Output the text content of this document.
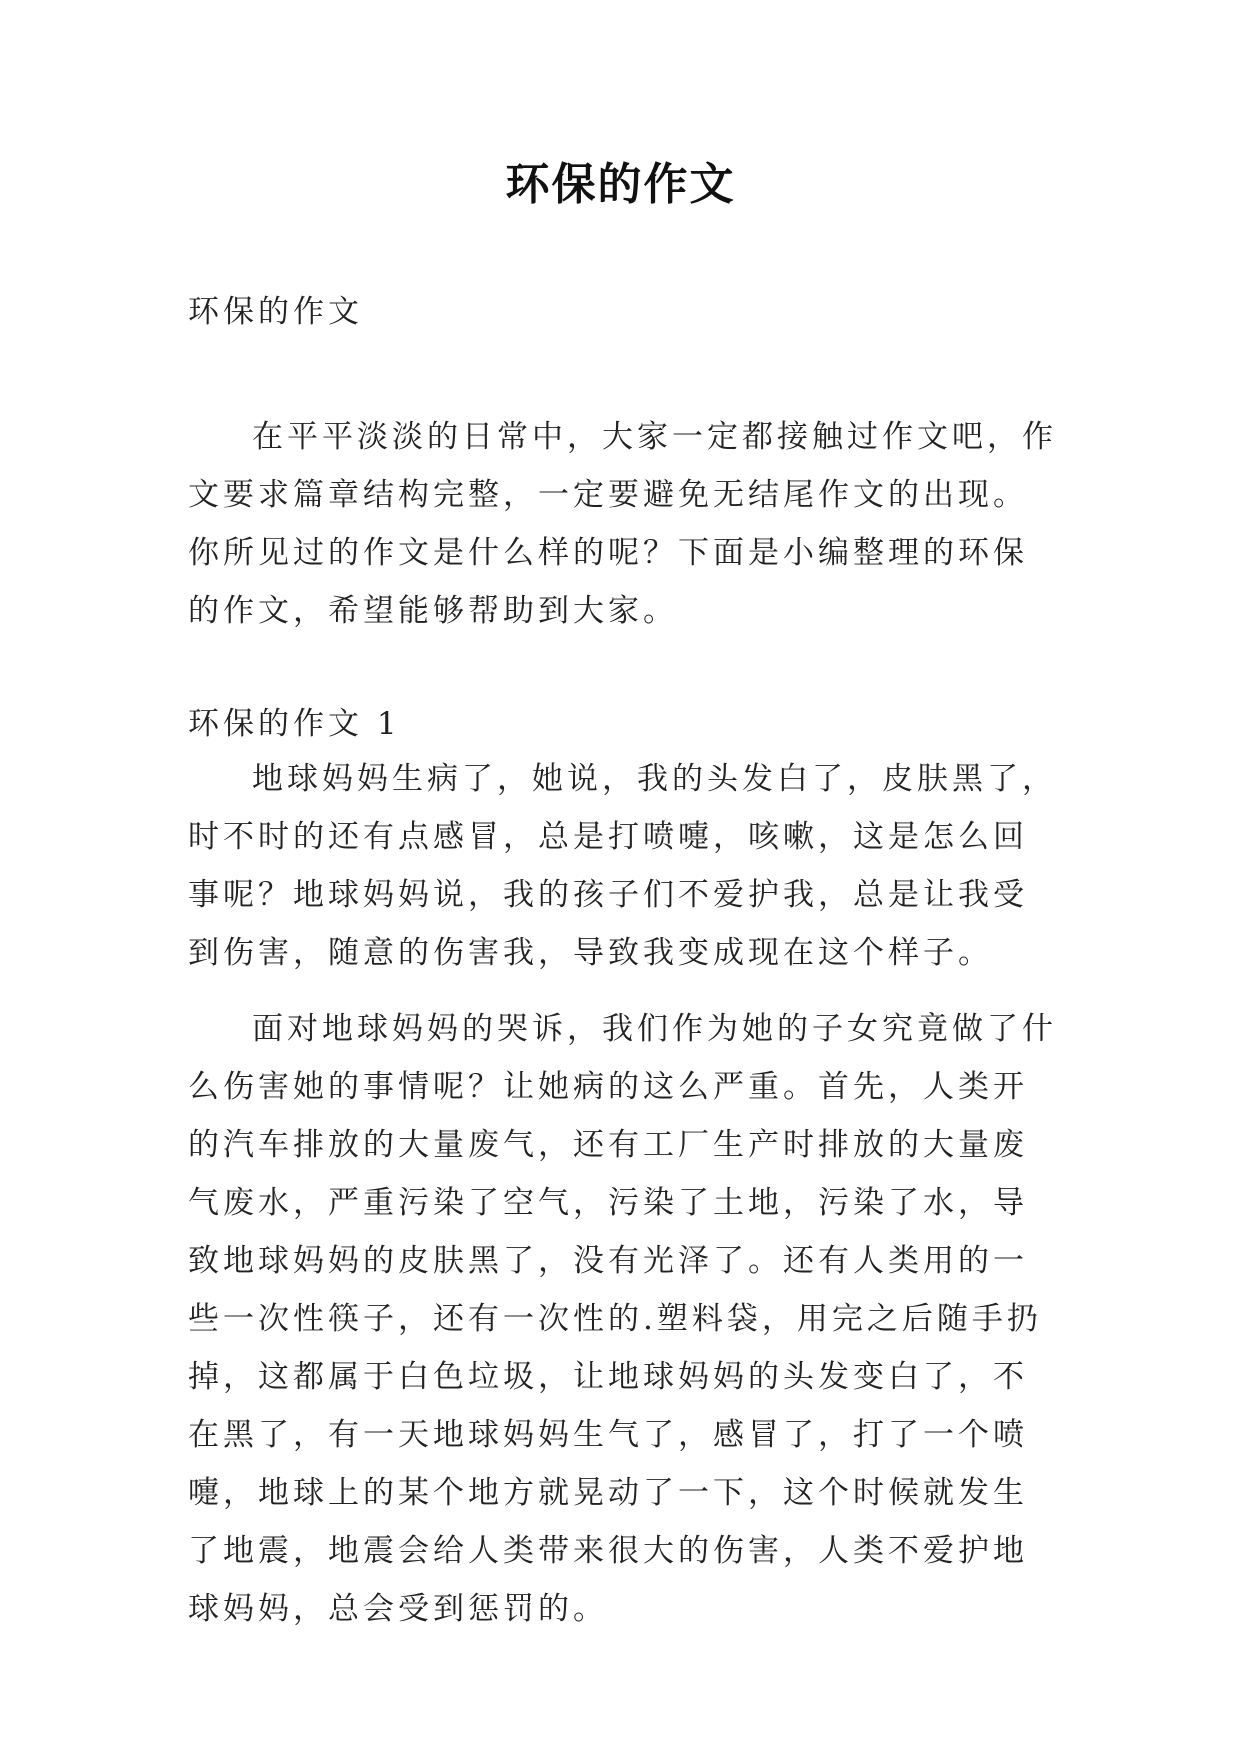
环保的作文

环保的作文

在平平淡淡的日常中，大家一定都接触过作文吧，作文要求篇章结构完整，一定要避免无结尾作文的出现。你所见过的作文是什么样的呢？下面是小编整理的环保的作文，希望能够帮助到大家。

环保的作文 1

地球妈妈生病了，她说，我的头发白了，皮肤黑了，时不时的还有点感冒，总是打喷嚏，咳嗽，这是怎么回事呢？地球妈妈说，我的孩子们不爱护我，总是让我受到伤害，随意的伤害我，导致我变成现在这个样子。

面对地球妈妈的哭诉，我们作为她的子女究竟做了什么伤害她的事情呢？让她病的这么严重。首先，人类开的汽车排放的大量废气，还有工厂生产时排放的大量废气废水，严重污染了空气，污染了土地，污染了水，导致地球妈妈的皮肤黑了，没有光泽了。还有人类用的一些一次性筷子，还有一次性的.塑料袋，用完之后随手扔掉，这都属于白色垃圾，让地球妈妈的头发变白了，不在黑了，有一天地球妈妈生气了，感冒了，打了一个喷嚏，地球上的某个地方就晃动了一下，这个时候就发生了地震，地震会给人类带来很大的伤害，人类不爱护地球妈妈，总会受到惩罚的。
